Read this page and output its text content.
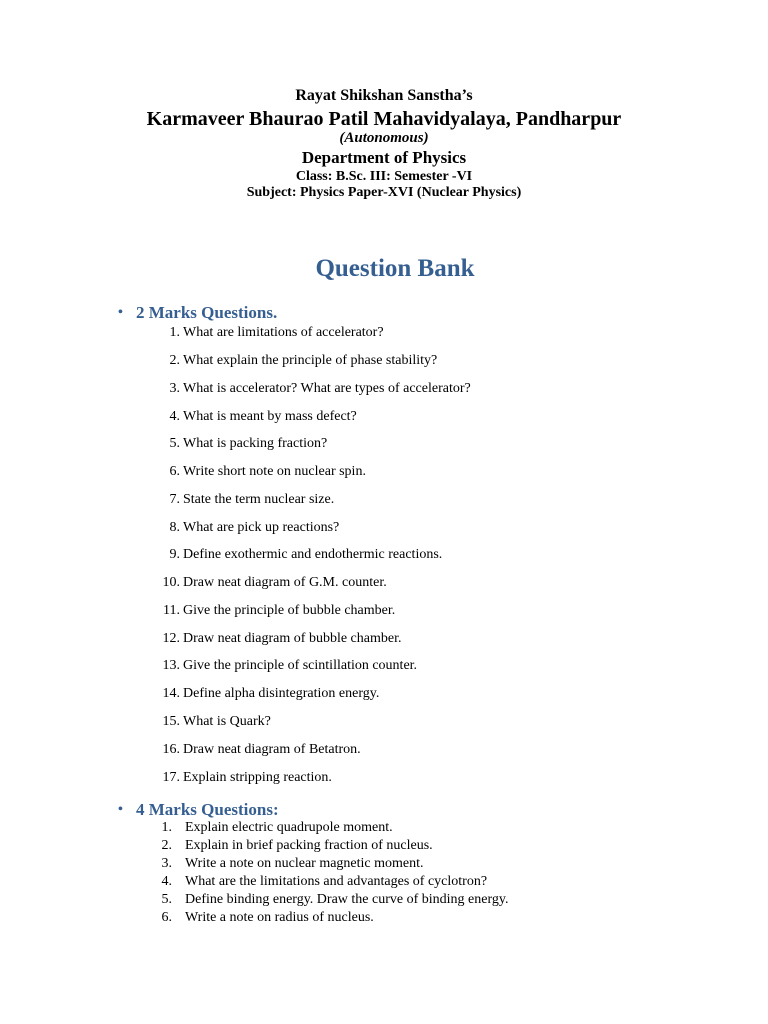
Rayat Shikshan Sanstha’s
Karmaveer Bhaurao Patil Mahavidyalaya, Pandharpur
(Autonomous)
Department of Physics
Class: B.Sc. III: Semester -VI
Subject: Physics Paper-XVI (Nuclear Physics)
Question Bank
• 2 Marks Questions.
1. What are limitations of accelerator?
2. What explain the principle of phase stability?
3. What is accelerator? What are types of accelerator?
4. What is meant by mass defect?
5. What is packing fraction?
6. Write short note on nuclear spin.
7. State the term nuclear size.
8. What are pick up reactions?
9. Define exothermic and endothermic reactions.
10. Draw neat diagram of G.M. counter.
11. Give the principle of bubble chamber.
12. Draw neat diagram of bubble chamber.
13. Give the principle of scintillation counter.
14. Define alpha disintegration energy.
15. What is Quark?
16. Draw neat diagram of Betatron.
17. Explain stripping reaction.
• 4 Marks Questions:
1. Explain electric quadrupole moment.
2. Explain in brief packing fraction of nucleus.
3. Write a note on nuclear magnetic moment.
4. What are the limitations and advantages of cyclotron?
5. Define binding energy. Draw the curve of binding energy.
6. Write a note on radius of nucleus.
